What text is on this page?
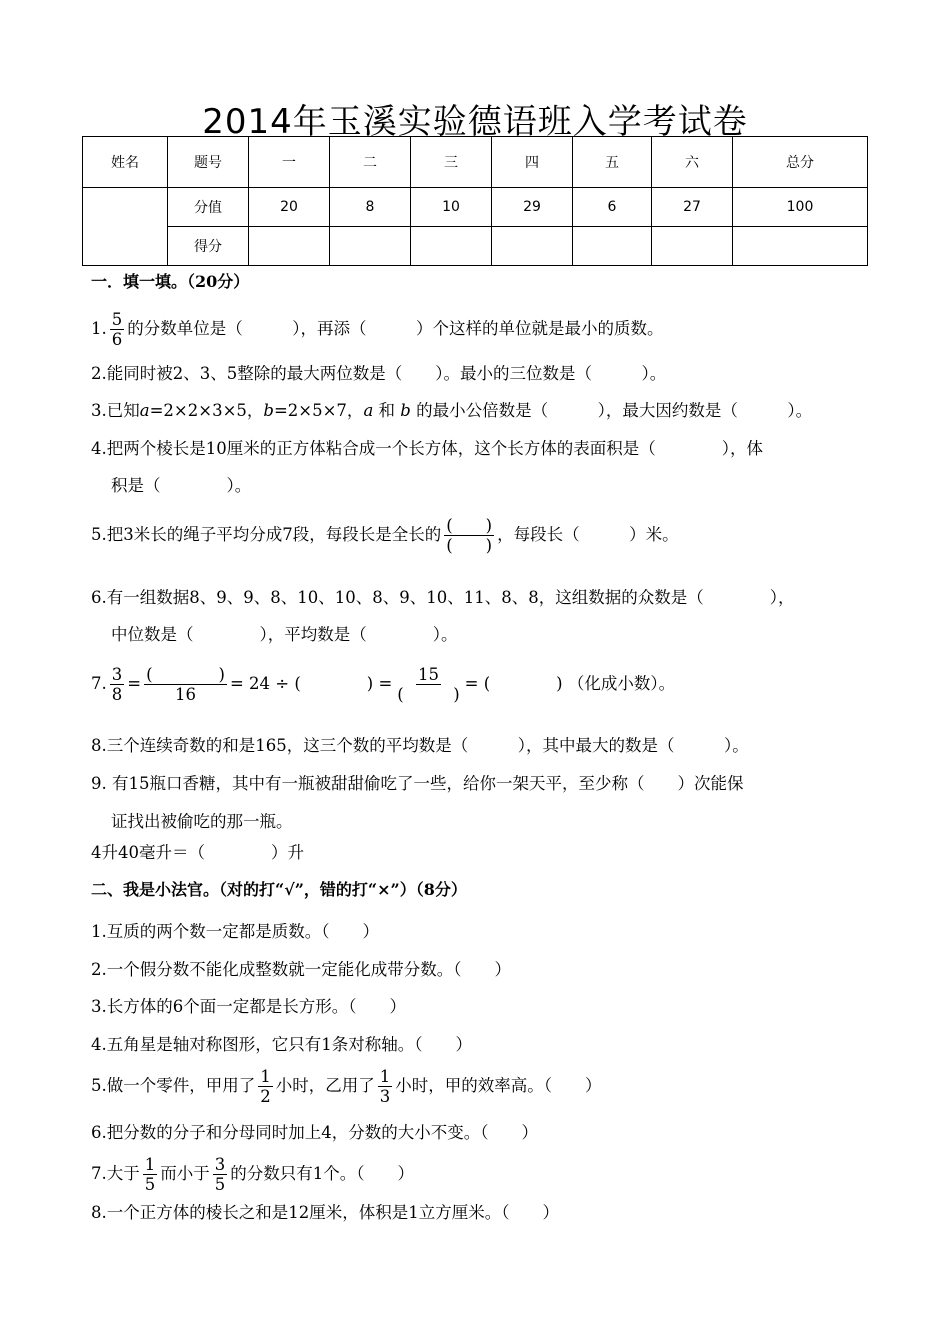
2014年玉溪实验德语班入学考试卷
姓名	题号	一	二	三	四	五	六	总分
	分值	20	8	10	29	6	27	100
	得分							
一．填一填。（20分）
1. $\frac{5}{6}$ 的分数单位是（　　　），再添（　　　）个这样的单位就是最小的质数。
2.能同时被2、3、5整除的最大两位数是（　　）。最小的三位数是（　　　）。
3.已知a=2×2×3×5，b=2×5×7，a 和 b 的最小公倍数是（　　　），最大因约数是（　　　）。
4.把两个棱长是10厘米的正方体粘合成一个长方体，这个长方体的表面积是（　　　　），体
积是（　　　　）。
5.把3米长的绳子平均分成7段，每段长是全长的 $\frac{( )}{( )}$ ，每段长（　　　）米。
6.有一组数据8、9、9、8、10、10、8、9、10、11、8、8，这组数据的众数是（　　　　），
中位数是（　　　　），平均数是（　　　　）。
7. $\frac{3}{8} = \frac{( )}{16} = 24$ ÷ (　　　　) = $\frac{15}{( )}$ = (　　　　) （化成小数）。
8.三个连续奇数的和是165，这三个数的平均数是（　　　），其中最大的数是（　　　）。
9. 有15瓶口香糖，其中有一瓶被甜甜偷吃了一些，给你一架天平，至少称（　　）次能保
证找出被偷吃的那一瓶。
4升40毫升＝（　　　　）升
二、我是小法官。（对的打“√”，错的打“×”）（8分）
1.互质的两个数一定都是质数。（　　）
2.一个假分数不能化成整数就一定能化成带分数。（　　）
3.长方体的6个面一定都是长方形。（　　）
4.五角星是轴对称图形，它只有1条对称轴。（　　）
5.做一个零件，甲用了 $\frac{1}{2}$ 小时，乙用了 $\frac{1}{3}$ 小时，甲的效率高。（　　）
6.把分数的分子和分母同时加上4，分数的大小不变。（　　）
7.大于 $\frac{1}{5}$ 而小于 $\frac{3}{5}$ 的分数只有1个。（　　）
8.一个正方体的棱长之和是12厘米，体积是1立方厘米。（　　）
